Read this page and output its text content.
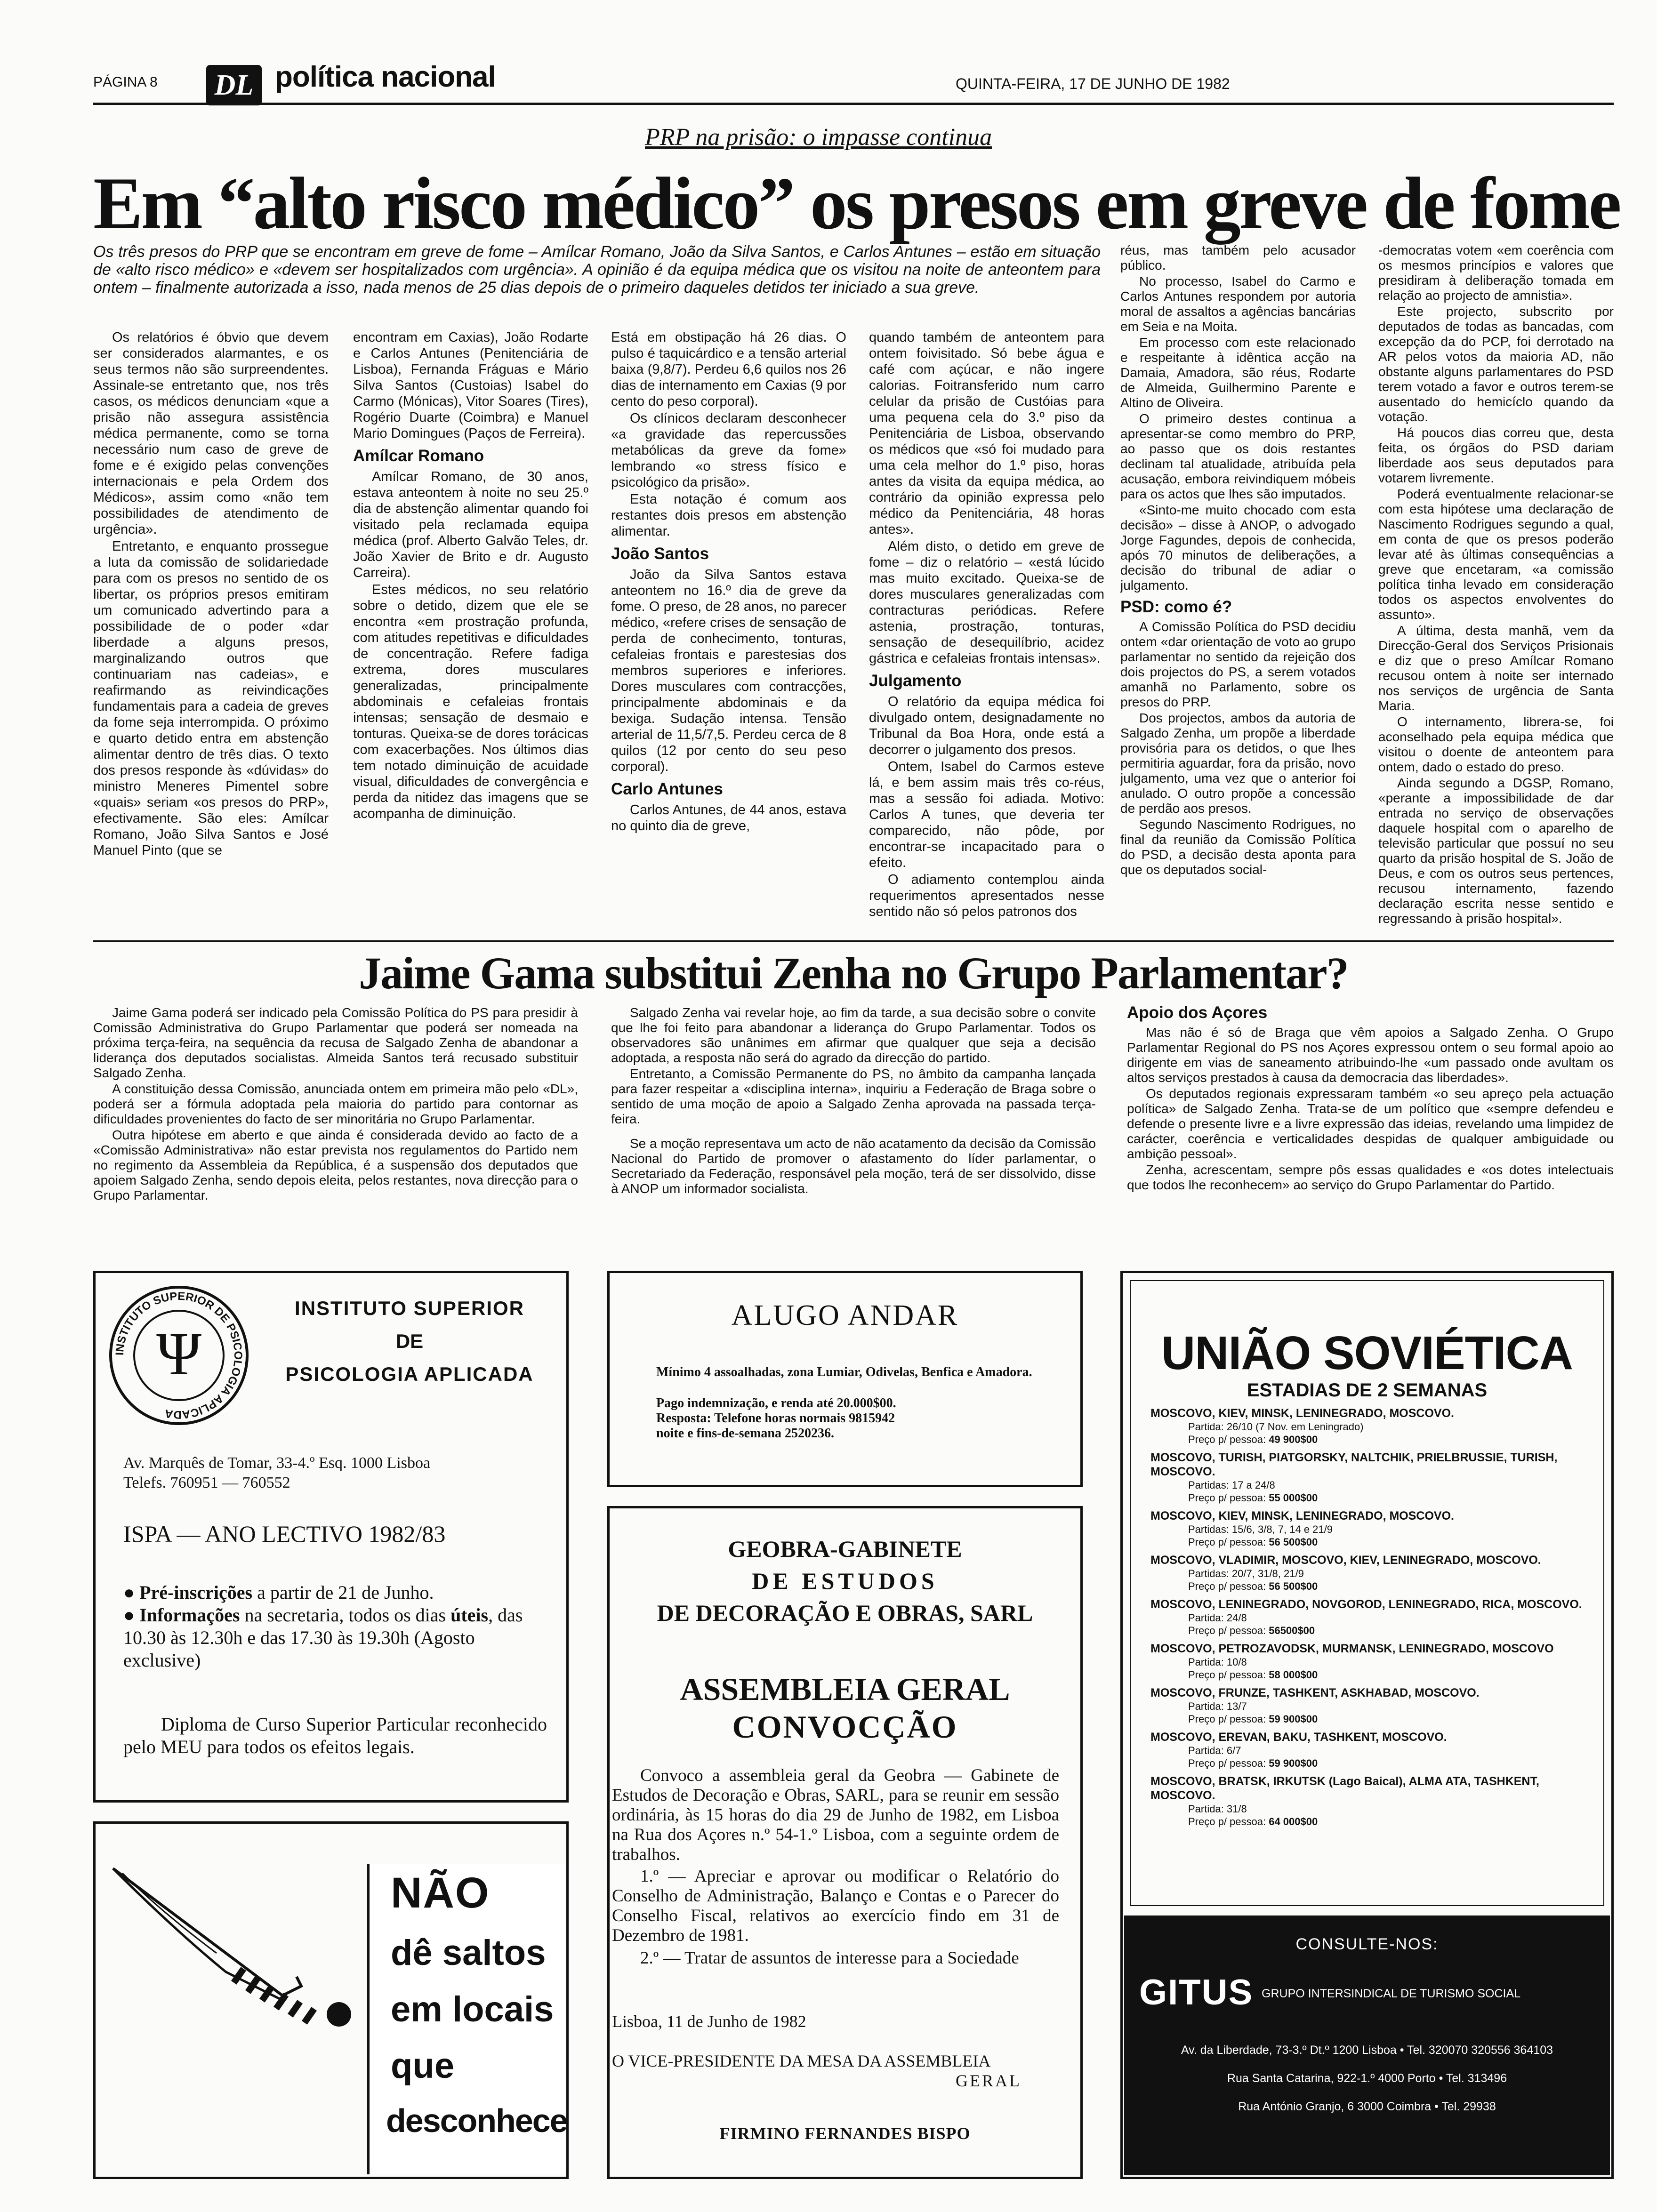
PÁGINA 8 DL política nacional	QUINTA-FEIRA, 17 DE JUNHO DE 1982
PRP na prisão: o impasse continua
Em “alto risco médico” os presos em greve de fome
Os três presos do PRP que se encontram em greve de fome – Amílcar Romano, João da Silva Santos, e Carlos Antunes – estão em situação de «alto risco médico» e «devem ser hospitalizados com urgência». A opinião é da equipa médica que os visitou na noite de anteontem para ontem – finalmente autorizada a isso, nada menos de 25 dias depois de o primeiro daqueles detidos ter iniciado a sua greve.

Os relatórios é óbvio que devem ser considerados alarmantes, e os seus termos não são surpreendentes. Assinale-se entretanto que, nos três casos, os médicos denunciam «que a prisão não assegura assistência médica permanente, como se torna necessário num caso de greve de fome e é exigido pelas convenções internacionais e pela Ordem dos Médicos», assim como «não tem possibilidades de atendimento de urgência».

Entretanto, e enquanto prossegue a luta da comissão de solidariedade para com os presos no sentido de os libertar, os próprios presos emitiram um comunicado advertindo para a possibilidade de o poder «dar liberdade a alguns presos, marginalizando outros que continuariam nas cadeias», e reafirmando as reivindicações fundamentais para a cadeia de greves da fome seja interrompida. O próximo e quarto detido entra em abstenção alimentar dentro de três dias. O texto dos presos responde às «dúvidas» do ministro Meneres Pimentel sobre «quais» seriam «os presos do PRP», efectivamente. São eles: Amílcar Romano, João Silva Santos e José Manuel Pinto (que se

encontram em Caxias), João Rodarte e Carlos Antunes (Penitenciária de Lisboa), Fernanda Fráguas e Mário Silva Santos (Custoias) Isabel do Carmo (Mónicas), Vitor Soares (Tires), Rogério Duarte (Coimbra) e Manuel Mario Domingues (Paços de Ferreira).

Amílcar Romano

Amílcar Romano, de 30 anos, estava anteontem à noite no seu 25.º dia de abstenção alimentar quando foi visitado pela reclamada equipa médica (prof. Alberto Galvão Teles, dr. João Xavier de Brito e dr. Augusto Carreira).

Estes médicos, no seu relatório sobre o detido, dizem que ele se encontra «em prostração profunda, com atitudes repetitivas e dificuldades de concentração. Refere fadiga extrema, dores musculares generalizadas, principalmente abdominais e cefaleias frontais intensas; sensação de desmaio e tonturas. Queixa-se de dores torácicas com exacerbações. Nos últimos dias tem notado diminuição de acuidade visual, dificuldades de convergência e perda da nitidez das imagens que se acompanha de diminuição.

Está em obstipação há 26 dias. O pulso é taquicárdico e a tensão arterial baixa (9,8/7). Perdeu 6,6 quilos nos 26 dias de internamento em Caxias (9 por cento do peso corporal).

Os clínicos declaram desconhecer «a gravidade das repercussões metabólicas da greve da fome» lembrando «o stress físico e psicológico da prisão».

Esta notação é comum aos restantes dois presos em abstenção alimentar.

João Santos

João da Silva Santos estava anteontem no 16.º dia de greve da fome. O preso, de 28 anos, no parecer médico, «refere crises de sensação de perda de conhecimento, tonturas, cefaleias frontais e parestesias dos membros superiores e inferiores. Dores musculares com contracções, principalmente abdominais e da bexiga. Sudação intensa. Tensão arterial de 11,5/7,5. Perdeu cerca de 8 quilos (12 por cento do seu peso corporal).

Carlo Antunes

Carlos Antunes, de 44 anos, estava no quinto dia de greve,

quando também de anteontem para ontem foivisitado. Só bebe água e café com açúcar, e não ingere calorias. Foitransferido num carro celular da prisão de Custóias para uma pequena cela do 3.º piso da Penitenciária de Lisboa, observando os médicos que «só foi mudado para uma cela melhor do 1.º piso, horas antes da visita da equipa médica, ao contrário da opinião expressa pelo médico da Penitenciária, 48 horas antes».

Além disto, o detido em greve de fome – diz o relatório – «está lúcido mas muito excitado. Queixa-se de dores musculares generalizadas com contracturas periódicas. Refere astenia, prostração, tonturas, sensação de desequilíbrio, acidez gástrica e cefaleias frontais intensas».

Julgamento

O relatório da equipa médica foi divulgado ontem, designadamente no Tribunal da Boa Hora, onde está a decorrer o julgamento dos presos.

Ontem, Isabel do Carmos esteve lá, e bem assim mais três co-réus, mas a sessão foi adiada. Motivo: Carlos A tunes, que deveria ter comparecido, não pôde, por encontrar-se incapacitado para o efeito.

O adiamento contemplou ainda requerimentos apresentados nesse sentido não só pelos patronos dos

réus, mas também pelo acusador público.

No processo, Isabel do Carmo e Carlos Antunes respondem por autoria moral de assaltos a agências bancárias em Seia e na Moita.

Em processo com este relacionado e respeitante à idêntica acção na Damaia, Amadora, são réus, Rodarte de Almeida, Guilhermino Parente e Altino de Oliveira.

O primeiro destes continua a apresentar-se como membro do PRP, ao passo que os dois restantes declinam tal atualidade, atribuída pela acusação, embora reivindiquem móbeis para os actos que lhes são imputados.

«Sinto-me muito chocado com esta decisão» – disse à ANOP, o advogado Jorge Fagundes, depois de conhecida, após 70 minutos de deliberações, a decisão do tribunal de adiar o julgamento.

PSD: como é?

A Comissão Política do PSD decidiu ontem «dar orientação de voto ao grupo parlamentar no sentido da rejeição dos dois projectos do PS, a serem votados amanhã no Parlamento, sobre os presos do PRP.

Dos projectos, ambos da autoria de Salgado Zenha, um propõe a liberdade provisória para os detidos, o que lhes permitiria aguardar, fora da prisão, novo julgamento, uma vez que o anterior foi anulado. O outro propõe a concessão de perdão aos presos.

Segundo Nascimento Rodrigues, no final da reunião da Comissão Política do PSD, a decisão desta aponta para que os deputados social-

-democratas votem «em coerência com os mesmos princípios e valores que presidiram à deliberação tomada em relação ao projecto de amnistia».

Este projecto, subscrito por deputados de todas as bancadas, com excepção da do PCP, foi derrotado na AR pelos votos da maioria AD, não obstante alguns parlamentares do PSD terem votado a favor e outros terem-se ausentado do hemicíclo quando da votação.

Há poucos dias correu que, desta feita, os órgãos do PSD dariam liberdade aos seus deputados para votarem livremente.

Poderá eventualmente relacionar-se com esta hipótese uma declaração de Nascimento Rodrigues segundo a qual, em conta de que os presos poderão levar até às últimas consequências a greve que encetaram, «a comissão política tinha levado em consideração todos os aspectos envolventes do assunto».

A última, desta manhã, vem da Direcção-Geral dos Serviços Prisionais e diz que o preso Amílcar Romano recusou ontem à noite ser internado nos serviços de urgência de Santa Maria.

O internamento, librera-se, foi aconselhado pela equipa médica que visitou o doente de anteontem para ontem, dado o estado do preso.

Ainda segundo a DGSP, Romano, «perante a impossibilidade de dar entrada no serviço de observações daquele hospital com o aparelho de televisão particular que possuí no seu quarto da prisão hospital de S. João de Deus, e com os outros seus pertences, recusou internamento, fazendo declaração escrita nesse sentido e regressando à prisão hospital».

Jaime Gama substitui Zenha no Grupo Parlamentar?

Jaime Gama poderá ser indicado pela Comissão Política do PS para presidir à Comissão Administrativa do Grupo Parlamentar que poderá ser nomeada na próxima terça-feira, na sequência da recusa de Salgado Zenha de abandonar a liderança dos deputados socialistas. Almeida Santos terá recusado substituir Salgado Zenha.

A constituição dessa Comissão, anunciada ontem em primeira mão pelo «DL», poderá ser a fórmula adoptada pela maioria do partido para contornar as dificuldades provenientes do facto de ser minoritária no Grupo Parlamentar.

Outra hipótese em aberto e que ainda é considerada devido ao facto de a «Comissão Administrativa» não estar prevista nos regulamentos do Partido nem no regimento da Assembleia da República, é a suspensão dos deputados que apoiem Salgado Zenha, sendo depois eleita, pelos restantes, nova direcção para o Grupo Parlamentar.

Salgado Zenha vai revelar hoje, ao fim da tarde, a sua decisão sobre o convite que lhe foi feito para abandonar a liderança do Grupo Parlamentar. Todos os observadores são unânimes em afirmar que qualquer que seja a decisão adoptada, a resposta não será do agrado da direcção do partido.

Entretanto, a Comissão Permanente do PS, no âmbito da campanha lançada para fazer respeitar a «disciplina interna», inquiriu a Federação de Braga sobre o sentido de uma moção de apoio a Salgado Zenha aprovada na passada terça-feira.

Se a moção representava um acto de não acatamento da decisão da Comissão Nacional do Partido de promover o afastamento do líder parlamentar, o Secretariado da Federação, responsável pela moção, terá de ser dissolvido, disse à ANOP um informador socialista.

Apoio dos Açores

Mas não é só de Braga que vêm apoios a Salgado Zenha. O Grupo Parlamentar Regional do PS nos Açores expressou ontem o seu formal apoio ao dirigente em vias de saneamento atribuindo-lhe «um passado onde avultam os altos serviços prestados à causa da democracia das liberdades».

Os deputados regionais expressaram também «o seu apreço pela actuação política» de Salgado Zenha. Trata-se de um político que «sempre defendeu e defende o presente livre e a livre expressão das ideias, revelando uma limpidez de carácter, coerência e verticalidades despidas de qualquer ambiguidade ou ambição pessoal».

Zenha, acrescentam, sempre pôs essas qualidades e «os dotes intelectuais que todos lhe reconhecem» ao serviço do Grupo Parlamentar do Partido.

INSTITUTO SUPERIOR DE PSICOLOGIA APLICADA
Ψ
INSTITUTO SUPERIOR
DE
PSICOLOGIA APLICADA
Av. Marquês de Tomar, 33-4.º Esq. 1000 Lisboa
Telefs. 760951 — 760552
ISPA — ANO LECTIVO 1982/83
● Pré-inscrições a partir de 21 de Junho.
● Informações na secretaria, todos os dias úteis, das 10.30 às 12.30h e das 17.30 às 19.30h (Agosto exclusive)
Diploma de Curso Superior Particular reconhecido pelo MEU para todos os efeitos legais.
NÃO
dê saltos
em locais
que
desconhece
ALUGO ANDAR
Mínimo 4 assoalhadas, zona Lumiar, Odivelas, Benfica e Amadora.
Pago indemnização, e renda até 20.000$00.
Resposta: Telefone horas normais 9815942
noite e fins-de-semana 2520236.
GEOBRA-GABINETE
DE ESTUDOS
DE DECORAÇÃO E OBRAS, SARL
ASSEMBLEIA GERAL
CONVOCÇÃO
Convoco a assembleia geral da Geobra — Gabinete de Estudos de Decoração e Obras, SARL, para se reunir em sessão ordinária, às 15 horas do dia 29 de Junho de 1982, em Lisboa na Rua dos Açores n.º 54-1.º Lisboa, com a seguinte ordem de trabalhos.
1.º — Apreciar e aprovar ou modificar o Relatório do Conselho de Administração, Balanço e Contas e o Parecer do Conselho Fiscal, relativos ao exercício findo em 31 de Dezembro de 1981.
2.º — Tratar de assuntos de interesse para a Sociedade
Lisboa, 11 de Junho de 1982
O VICE-PRESIDENTE DA MESA DA ASSEMBLEIA
GERAL
FIRMINO FERNANDES BISPO
UNIÃO SOVIÉTICA
ESTADIAS DE 2 SEMANAS
MOSCOVO, KIEV, MINSK, LENINEGRADO, MOSCOVO.
Partida: 26/10 (7 Nov. em Leningrado)
Preço p/ pessoa: 49 900$00
MOSCOVO, TURISH, PIATGORSKY, NALTCHIK, PRIELBRUSSIE, TURISH, MOSCOVO.
Partidas: 17 a 24/8
Preço p/ pessoa: 55 000$00
MOSCOVO, KIEV, MINSK, LENINEGRADO, MOSCOVO.
Partidas: 15/6, 3/8, 7, 14 e 21/9
Preço p/ pessoa: 56 500$00
MOSCOVO, VLADIMIR, MOSCOVO, KIEV, LENINEGRADO, MOSCOVO.
Partidas: 20/7, 31/8, 21/9
Preço p/ pessoa: 56 500$00
MOSCOVO, LENINEGRADO, NOVGOROD, LENINEGRADO, RICA, MOSCOVO.
Partida: 24/8
Preço p/ pessoa: 56500$00
MOSCOVO, PETROZAVODSK, MURMANSK, LENINEGRADO, MOSCOVO
Partida: 10/8
Preço p/ pessoa: 58 000$00
MOSCOVO, FRUNZE, TASHKENT, ASKHABAD, MOSCOVO.
Partida: 13/7
Preço p/ pessoa: 59 900$00
MOSCOVO, EREVAN, BAKU, TASHKENT, MOSCOVO.
Partida: 6/7
Preço p/ pessoa: 59 900$00
MOSCOVO, BRATSK, IRKUTSK (Lago Baical), ALMA ATA, TASHKENT, MOSCOVO.
Partida: 31/8
Preço p/ pessoa: 64 000$00
CONSULTE-NOS:
GITUS GRUPO INTERSINDICAL DE TURISMO SOCIAL
Av. da Liberdade, 73-3.º Dt.º 1200 Lisboa • Tel. 320070 320556 364103
Rua Santa Catarina, 922-1.º 4000 Porto • Tel. 313496
Rua António Granjo, 6 3000 Coimbra • Tel. 29938
